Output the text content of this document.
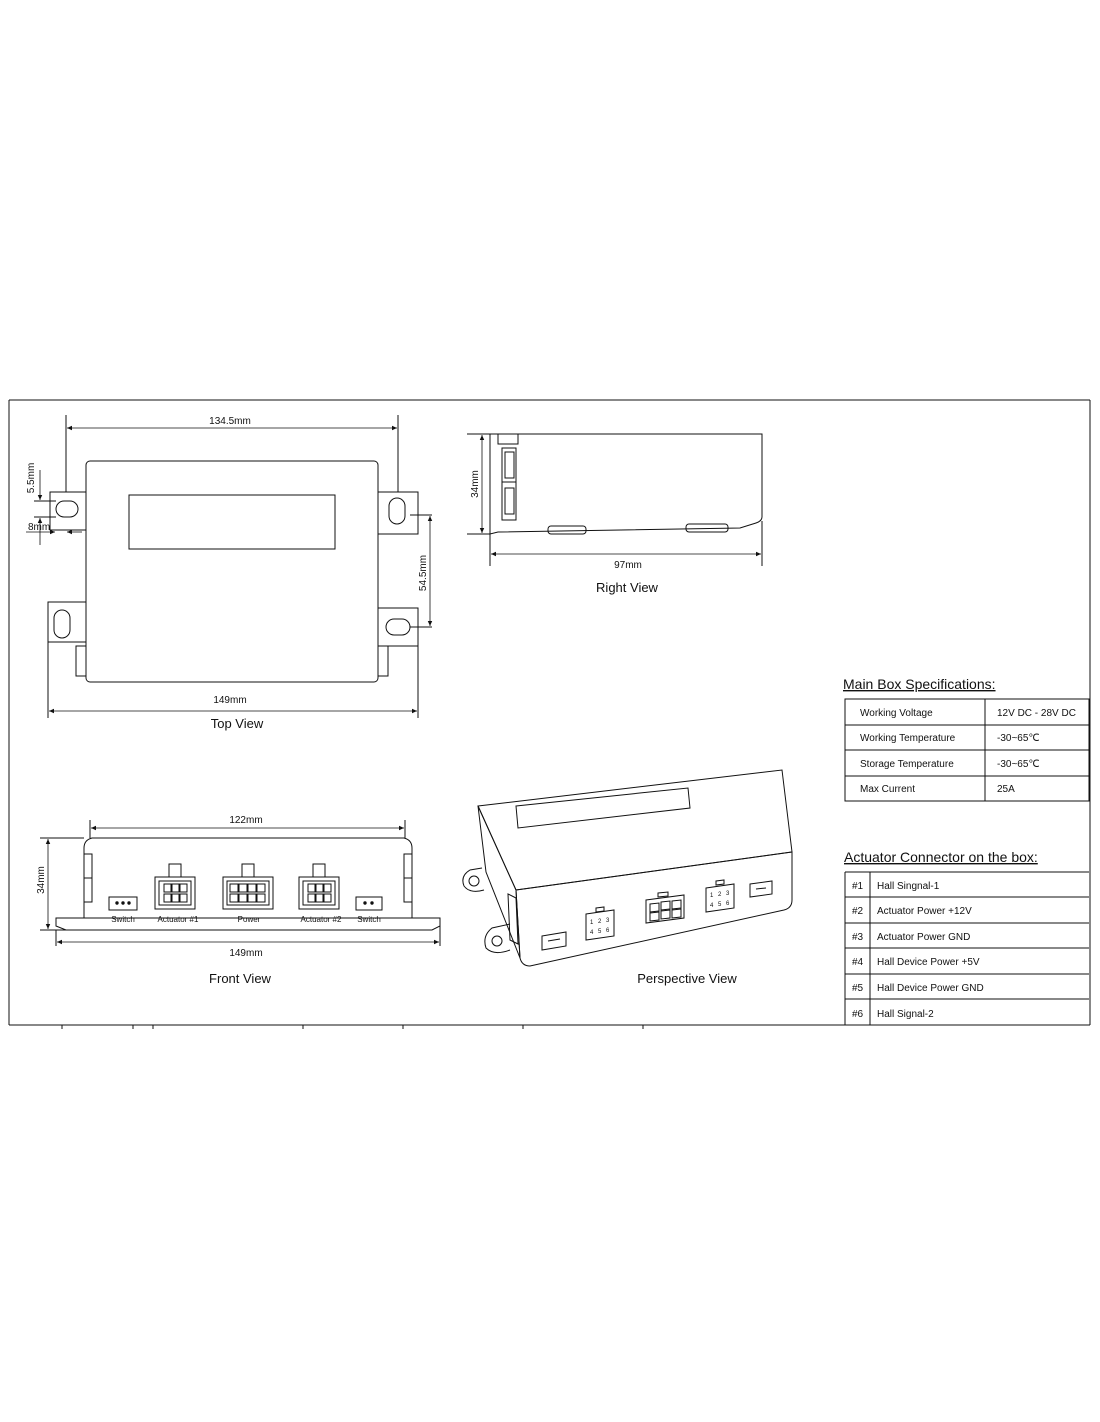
134.5mm
149mm
5.5mm
8mm
54.5mm
Top View
34mm
97mm
Right View
122mm
149mm
34mm
Switch	Actuator #1	Power	Actuator #2 Switch
Front View
1 2 3
4 5 6
1 2 3
4 5 6
Perspective View
Main Box Specifications:
Working Voltage	12V DC - 28V DC
Working Temperature	-30~65℃
Storage Temperature	-30~65℃
Max Current	25A
Actuator Connector on the box:
#1 Hall Singnal-1
#2 Actuator Power +12V
#3 Actuator Power GND
#4 Hall Device Power +5V
#5 Hall Device Power GND
#6 Hall Signal-2
